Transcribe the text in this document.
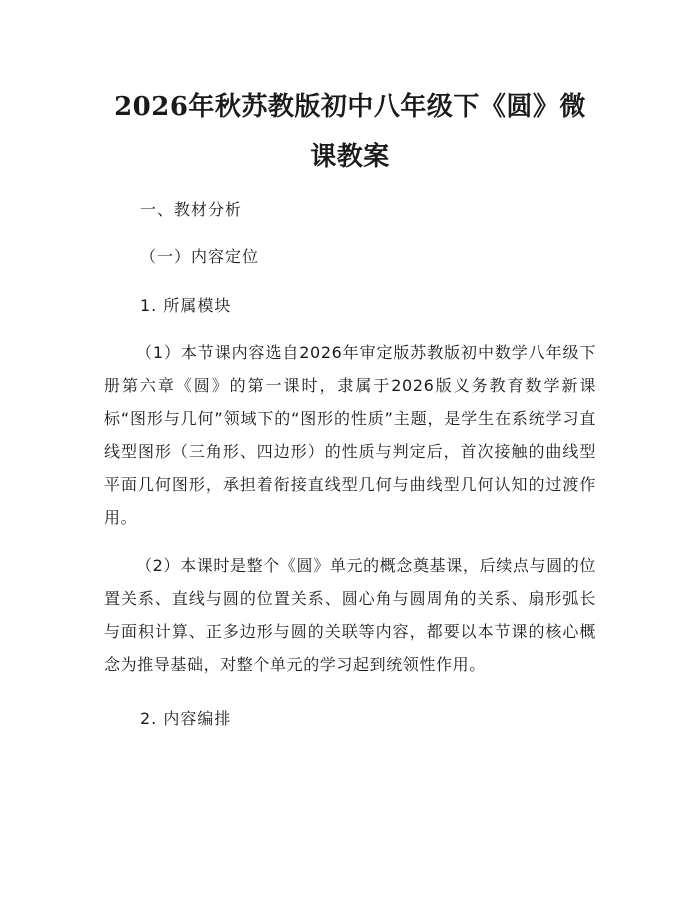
2026年秋苏教版初中八年级下《圆》微课教案

一、教材分析

（一）内容定位

1. 所属模块

（1）本节课内容选自2026年审定版苏教版初中数学八年级下册第六章《圆》的第一课时，隶属于2026版义务教育数学新课标“图形与几何”领域下的“图形的性质”主题，是学生在系统学习直线型图形（三角形、四边形）的性质与判定后，首次接触的曲线型平面几何图形，承担着衔接直线型几何与曲线型几何认知的过渡作用。

（2）本课时是整个《圆》单元的概念奠基课，后续点与圆的位置关系、直线与圆的位置关系、圆心角与圆周角的关系、扇形弧长与面积计算、正多边形与圆的关联等内容，都要以本节课的核心概念为推导基础，对整个单元的学习起到统领性作用。

2. 内容编排
